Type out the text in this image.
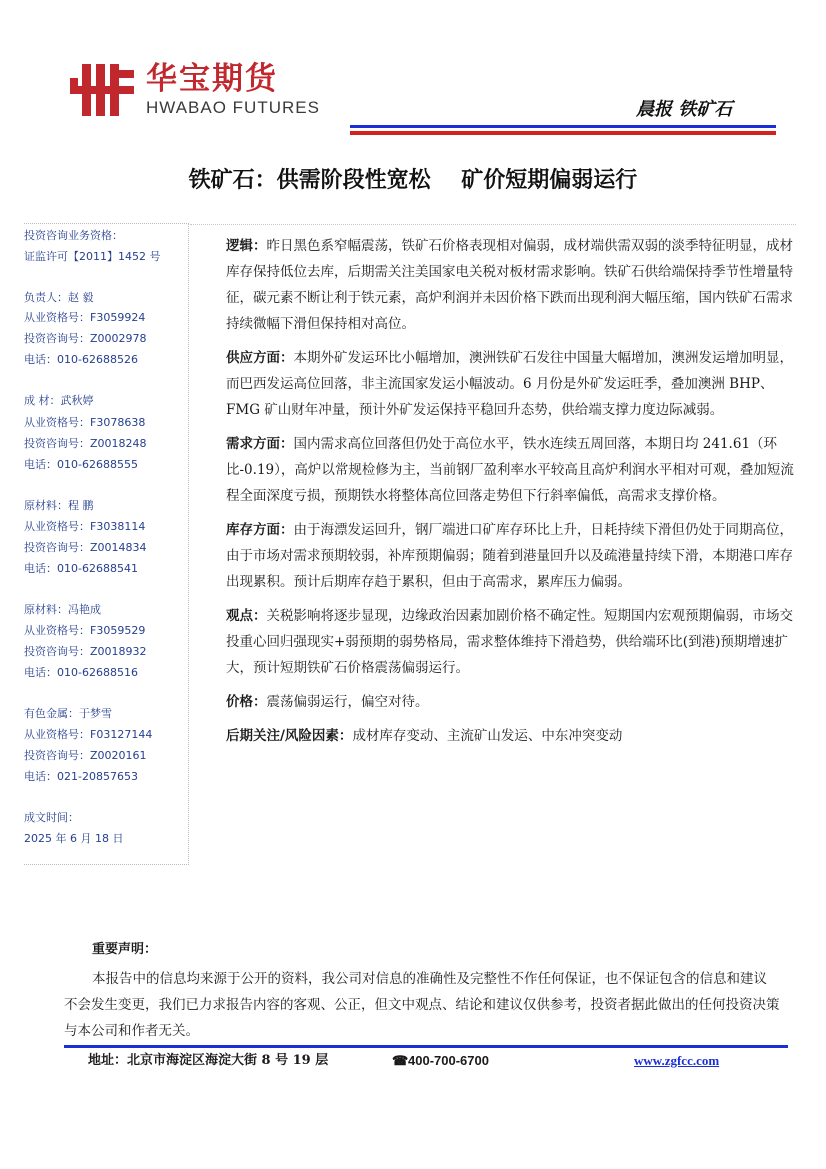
华宝期货
HWABAO FUTURES	晨报 铁矿石
铁矿石：供需阶段性宽松    矿价短期偏弱运行
投资咨询业务资格：
证监许可【2011】1452 号
负责人：赵 毅
从业资格号：F3059924
投资咨询号：Z0002978
电话：010-62688526
成 材：武秋婷
从业资格号：F3078638
投资咨询号：Z0018248
电话：010-62688555
原材料：程 鹏
从业资格号：F3038114
投资咨询号：Z0014834
电话：010-62688541
原材料：冯艳成
从业资格号：F3059529
投资咨询号：Z0018932
电话：010-62688516
有色金属：于梦雪
从业资格号：F03127144
投资咨询号：Z0020161
电话：021-20857653
成文时间：
2025 年 6 月 18 日

逻辑：昨日黑色系窄幅震荡，铁矿石价格表现相对偏弱，成材端供需双弱的淡季特征明显，成材库存保持低位去库，后期需关注美国家电关税对板材需求影响。铁矿石供给端保持季节性增量特征，碳元素不断让利于铁元素，高炉利润并未因价格下跌而出现利润大幅压缩，国内铁矿石需求持续微幅下滑但保持相对高位。

供应方面：本期外矿发运环比小幅增加，澳洲铁矿石发往中国量大幅增加，澳洲发运增加明显，而巴西发运高位回落，非主流国家发运小幅波动。6 月份是外矿发运旺季，叠加澳洲 BHP、FMG 矿山财年冲量，预计外矿发运保持平稳回升态势，供给端支撑力度边际减弱。

需求方面：国内需求高位回落但仍处于高位水平，铁水连续五周回落，本期日均 241.61（环比-0.19），高炉以常规检修为主，当前钢厂盈利率水平较高且高炉利润水平相对可观，叠加短流程全面深度亏损，预期铁水将整体高位回落走势但下行斜率偏低，高需求支撑价格。

库存方面：由于海漂发运回升，钢厂端进口矿库存环比上升，日耗持续下滑但仍处于同期高位，由于市场对需求预期较弱，补库预期偏弱；随着到港量回升以及疏港量持续下滑，本期港口库存出现累积。预计后期库存趋于累积，但由于高需求，累库压力偏弱。

观点：关税影响将逐步显现，边缘政治因素加剧价格不确定性。短期国内宏观预期偏弱，市场交投重心回归强现实+弱预期的弱势格局，需求整体维持下滑趋势，供给端环比(到港)预期增速扩大，预计短期铁矿石价格震荡偏弱运行。

价格：震荡偏弱运行，偏空对待。

后期关注/风险因素：成材库存变动、主流矿山发运、中东冲突变动

重要声明：
本报告中的信息均来源于公开的资料，我公司对信息的准确性及完整性不作任何保证，也不保证包含的信息和建议不会发生变更，我们已力求报告内容的客观、公正，但文中观点、结论和建议仅供参考，投资者据此做出的任何投资决策与本公司和作者无关。
地址：北京市海淀区海淀大街 8 号 19 层	☎400-700-6700	www.zgfcc.com
